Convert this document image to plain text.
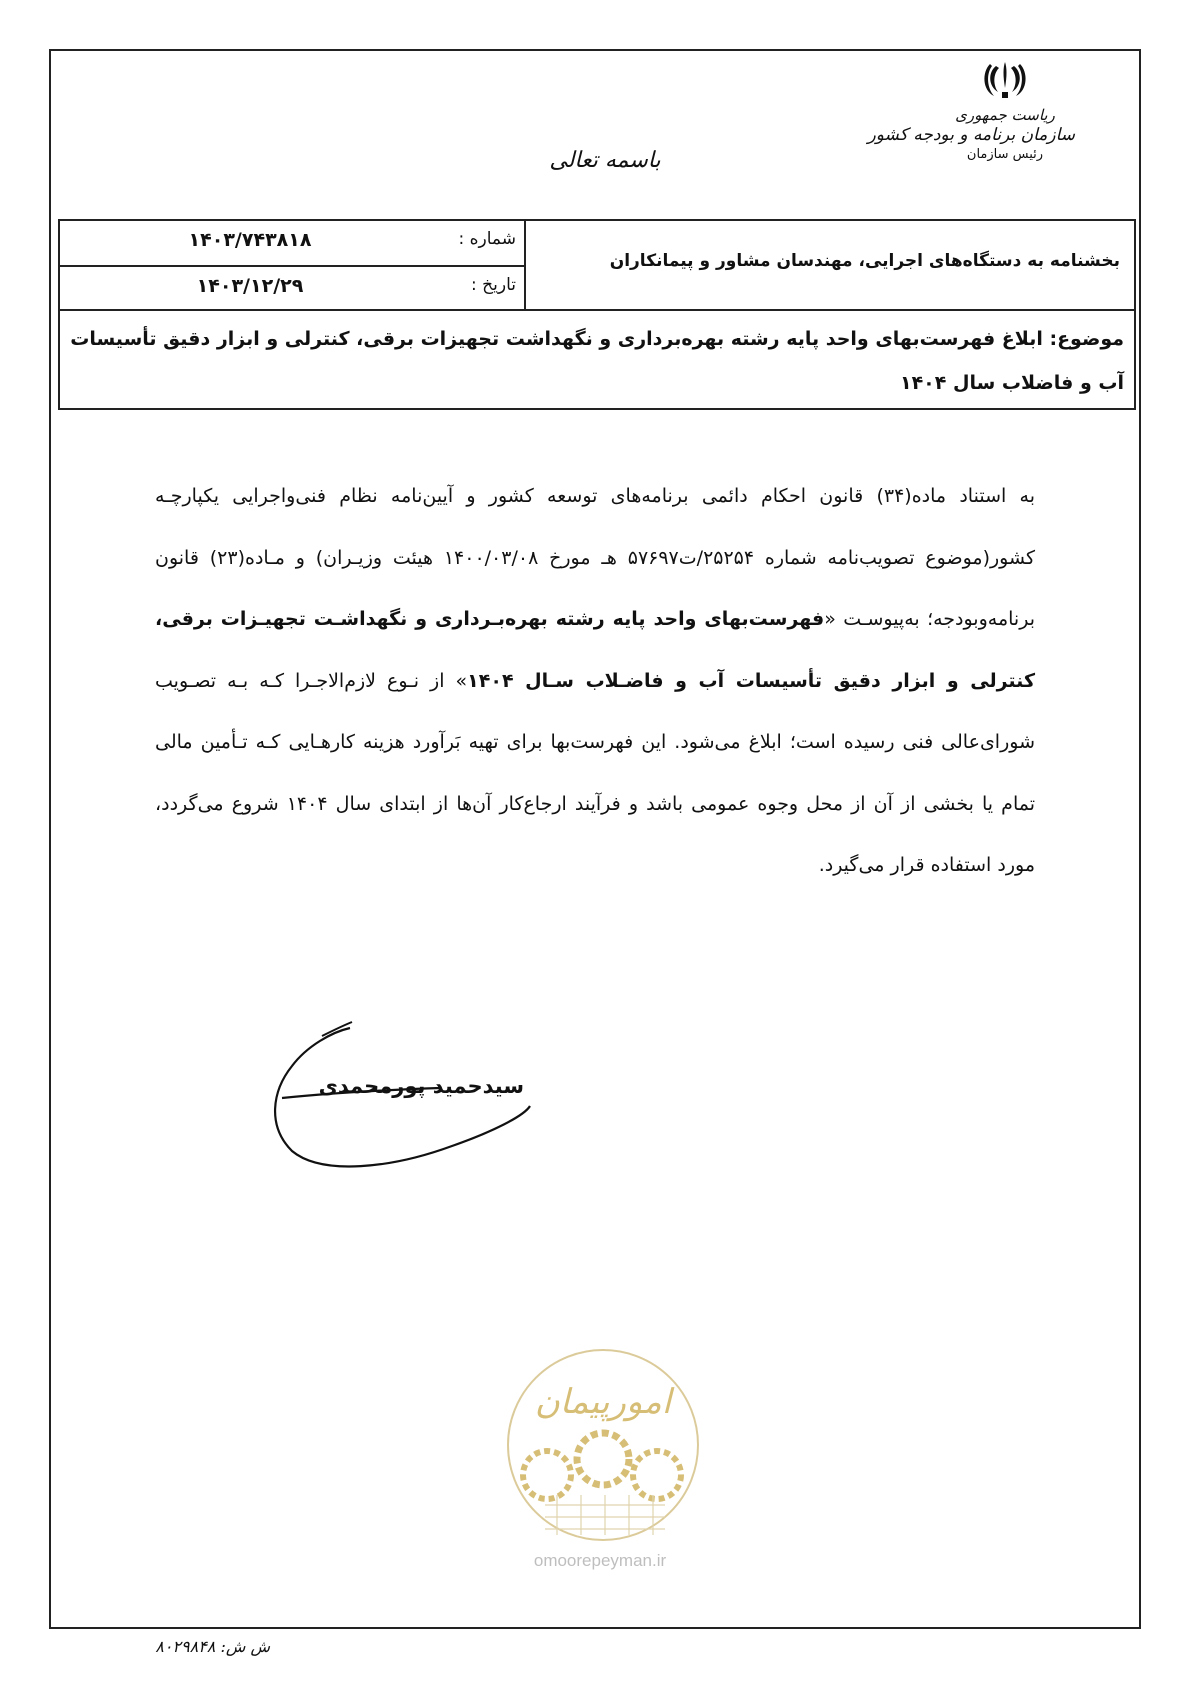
ریاست جمهوری
سازمان برنامه و بودجه کشور
رئیس سازمان
باسمه تعالی
شماره :
۱۴۰۳/۷۴۳۸۱۸
تاریخ :
۱۴۰۳/۱۲/۲۹
بخشنامه به دستگاه‌های اجرایی، مهندسان مشاور و پیمانکاران
موضوع: ابلاغ فهرست‌بهای واحد پایه رشته بهره‌برداری و نگهداشت تجهیزات برقی، کنترلی و ابزار دقیق تأسیسات
آب و فاضلاب سال ۱۴۰۴
به استناد ماده(۳۴) قانون احکام دائمی برنامه‌های توسعه کشور و آیین‌نامه نظام فنی‌واجرایی یکپارچـه کشور(موضوع تصویب‌نامه شماره ۲۵۲۵۴/ت۵۷۶۹۷ هـ مورخ ۱۴۰۰/۰۳/۰۸ هیئت وزیـران) و مـاده(۲۳) قانون برنامه‌وبودجه؛ به‌پیوسـت «فهرست‌بهای واحد پایه رشته بهره‌بـرداری و نگهداشـت تجهیـزات برقی، کنترلی و ابزار دقیق تأسیسات آب و فاضـلاب سـال ۱۴۰۴» از نـوع لازم‌الاجـرا کـه بـه تصـویب شورای‌عالی فنی رسیده است؛ ابلاغ می‌شود. این فهرست‌بها برای تهیه بَرآورد هزینه کارهـایی کـه تـأمین مالی تمام یا بخشی از آن از محل وجوه عمومی باشد و فرآیند ارجاع‌کار آن‌ها از ابتدای سال ۱۴۰۴ شروع می‌گردد، مورد استفاده قرار می‌گیرد.
سیدحمید پورمحمدی
امورپیمان
omoorepeyman.ir
ش ش: ۸۰۲۹۸۴۸
